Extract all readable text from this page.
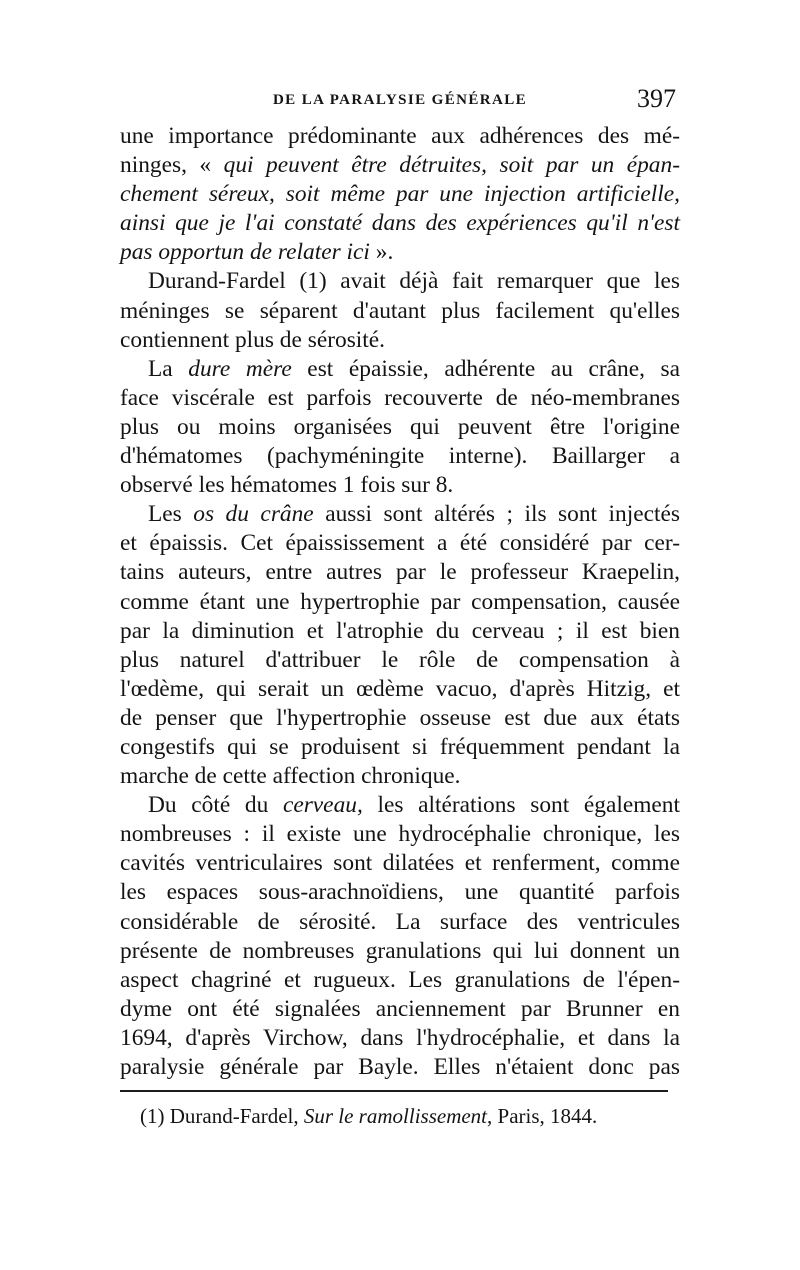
DE LA PARALYSIE GÉNÉRALE	397
une importance prédominante aux adhérences des mé-
ninges, « qui peuvent être détruites, soit par un épan-
chement séreux, soit même par une injection artificielle,
ainsi que je l'ai constaté dans des expériences qu'il n'est
pas opportun de relater ici ».
Durand-Fardel (1) avait déjà fait remarquer que les
méninges se séparent d'autant plus facilement qu'elles
contiennent plus de sérosité.
La dure mère est épaissie, adhérente au crâne, sa
face viscérale est parfois recouverte de néo-membranes
plus ou moins organisées qui peuvent être l'origine
d'hématomes (pachyméningite interne). Baillarger a
observé les hématomes 1 fois sur 8.
Les os du crâne aussi sont altérés ; ils sont injectés
et épaissis. Cet épaississement a été considéré par cer-
tains auteurs, entre autres par le professeur Kraepelin,
comme étant une hypertrophie par compensation, causée
par la diminution et l'atrophie du cerveau ; il est bien
plus naturel d'attribuer le rôle de compensation à
l'œdème, qui serait un œdème vacuo, d'après Hitzig, et
de penser que l'hypertrophie osseuse est due aux états
congestifs qui se produisent si fréquemment pendant la
marche de cette affection chronique.
Du côté du cerveau, les altérations sont également
nombreuses : il existe une hydrocéphalie chronique, les
cavités ventriculaires sont dilatées et renferment, comme
les espaces sous-arachnoïdiens, une quantité parfois
considérable de sérosité. La surface des ventricules
présente de nombreuses granulations qui lui donnent un
aspect chagriné et rugueux. Les granulations de l'épen-
dyme ont été signalées anciennement par Brunner en
1694, d'après Virchow, dans l'hydrocéphalie, et dans la
paralysie générale par Bayle. Elles n'étaient donc pas
(1) Durand-Fardel, Sur le ramollissement, Paris, 1844.
